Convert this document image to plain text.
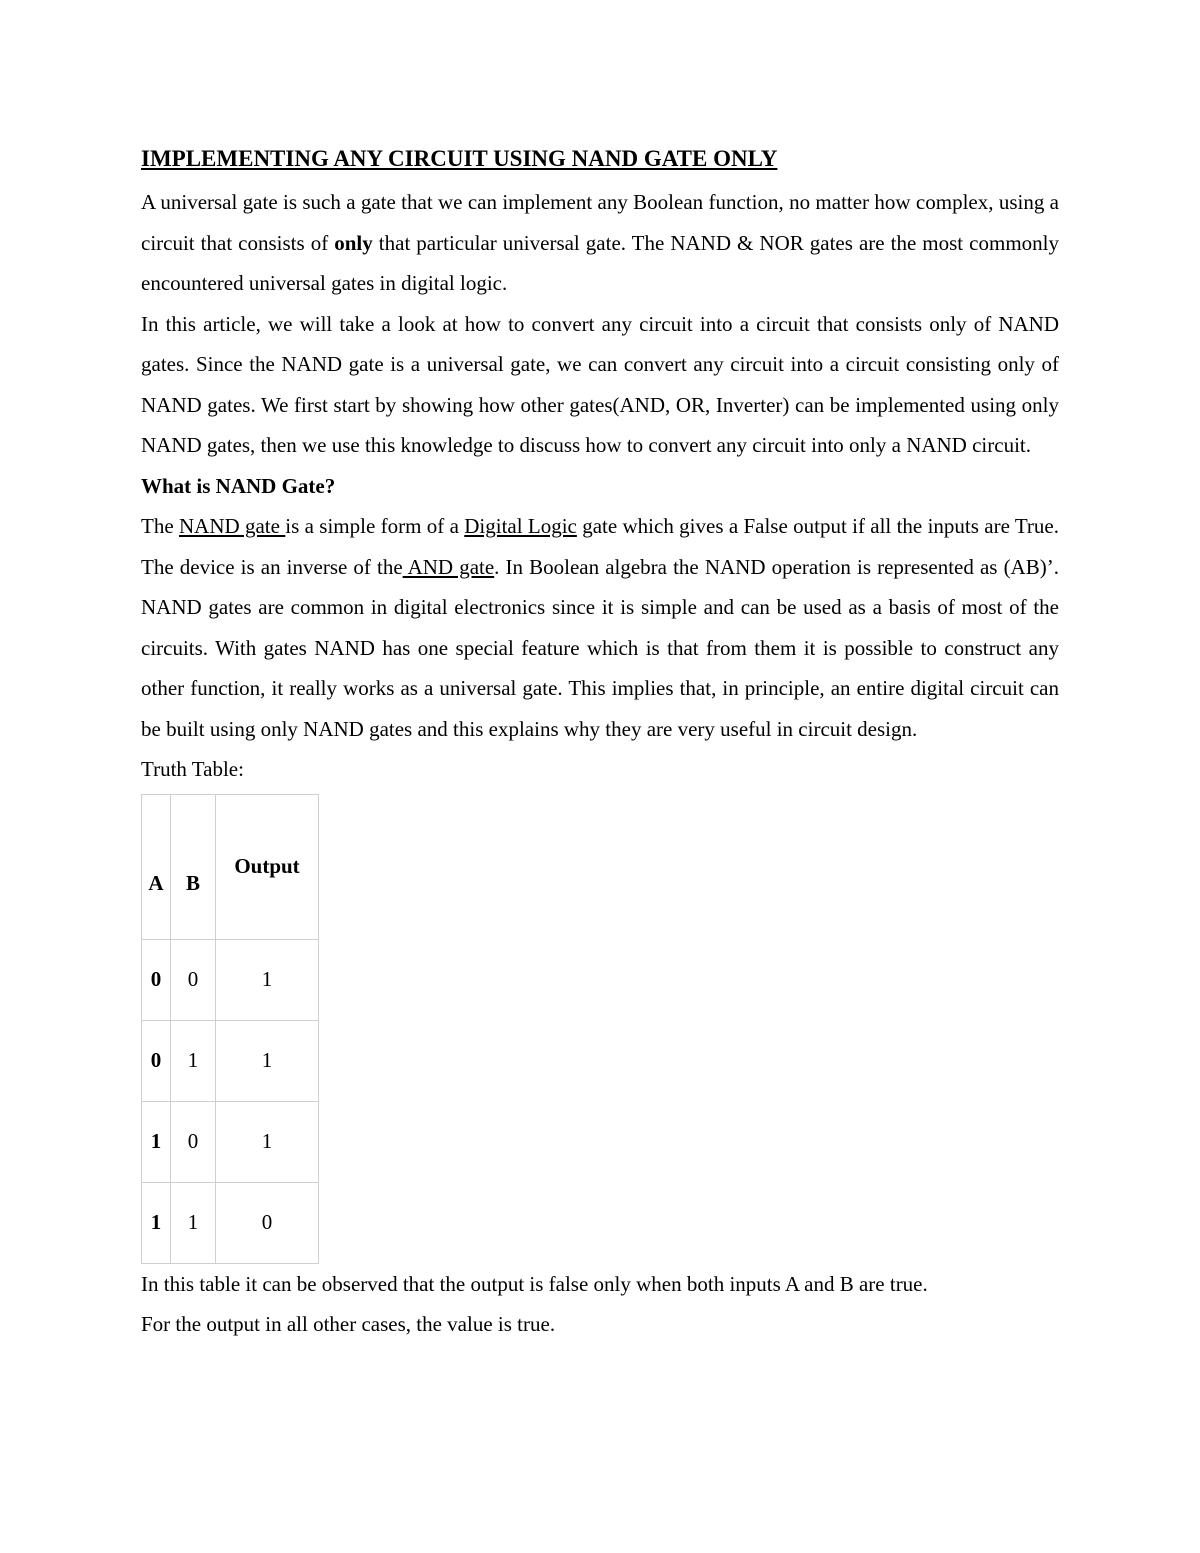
IMPLEMENTING ANY CIRCUIT USING NAND GATE ONLY

A universal gate is such a gate that we can implement any Boolean function, no matter how complex, using a circuit that consists of only that particular universal gate. The NAND & NOR gates are the most commonly encountered universal gates in digital logic.

In this article, we will take a look at how to convert any circuit into a circuit that consists only of NAND gates. Since the NAND gate is a universal gate, we can convert any circuit into a circuit consisting only of NAND gates. We first start by showing how other gates(AND, OR, Inverter) can be implemented using only NAND gates, then we use this knowledge to discuss how to convert any circuit into only a NAND circuit.

What is NAND Gate?

The NAND gate is a simple form of a Digital Logic gate which gives a False output if all the inputs are True. The device is an inverse of the AND gate. In Boolean algebra the NAND operation is represented as (AB)’. NAND gates are common in digital electronics since it is simple and can be used as a basis of most of the circuits. With gates NAND has one special feature which is that from them it is possible to construct any other function, it really works as a universal gate. This implies that, in principle, an entire digital circuit can be built using only NAND gates and this explains why they are very useful in circuit design.

Truth Table:

A	B	Output
0	0	1
0	1	1
1	0	1
1	1	0

In this table it can be observed that the output is false only when both inputs A and B are true.

For the output in all other cases, the value is true.
